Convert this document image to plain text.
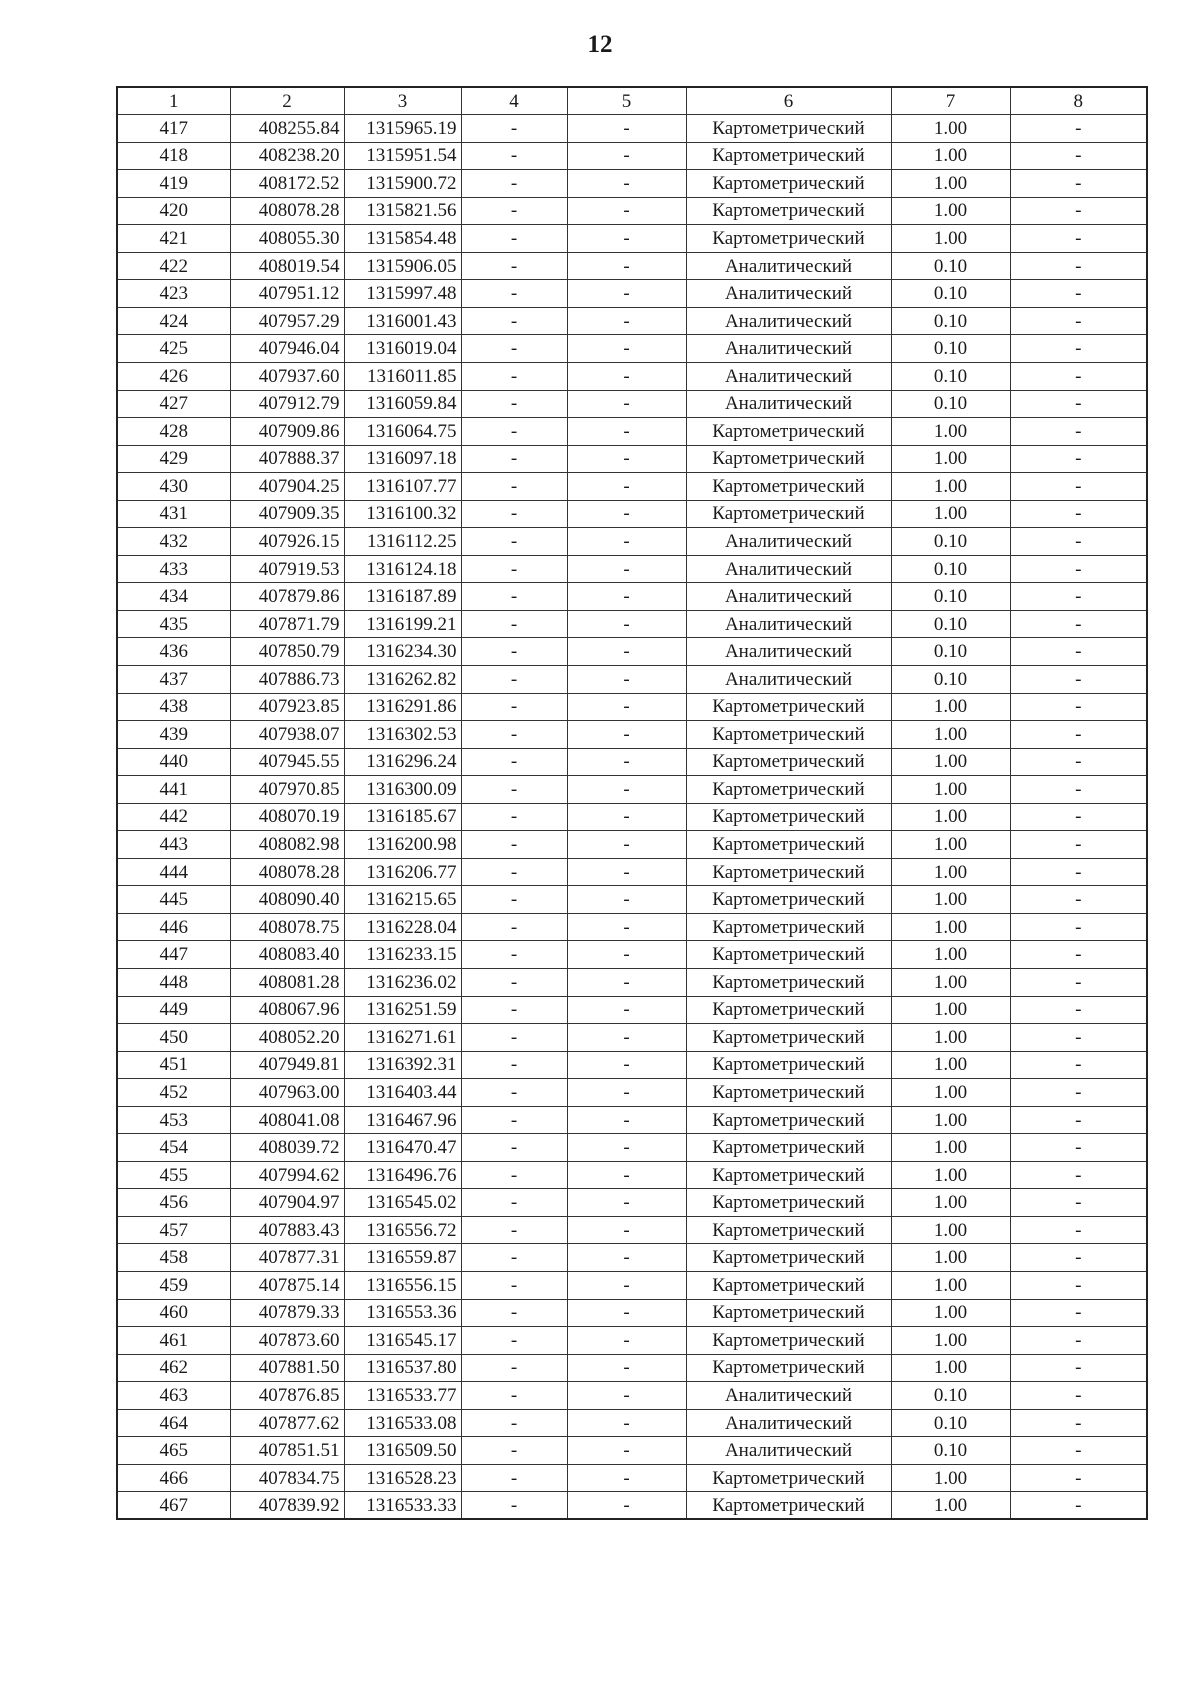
12
1	2	3	4	5	6	7	8
417	408255.84	1315965.19	-	-	Картометрический	1.00	-
418	408238.20	1315951.54	-	-	Картометрический	1.00	-
419	408172.52	1315900.72	-	-	Картометрический	1.00	-
420	408078.28	1315821.56	-	-	Картометрический	1.00	-
421	408055.30	1315854.48	-	-	Картометрический	1.00	-
422	408019.54	1315906.05	-	-	Аналитический	0.10	-
423	407951.12	1315997.48	-	-	Аналитический	0.10	-
424	407957.29	1316001.43	-	-	Аналитический	0.10	-
425	407946.04	1316019.04	-	-	Аналитический	0.10	-
426	407937.60	1316011.85	-	-	Аналитический	0.10	-
427	407912.79	1316059.84	-	-	Аналитический	0.10	-
428	407909.86	1316064.75	-	-	Картометрический	1.00	-
429	407888.37	1316097.18	-	-	Картометрический	1.00	-
430	407904.25	1316107.77	-	-	Картометрический	1.00	-
431	407909.35	1316100.32	-	-	Картометрический	1.00	-
432	407926.15	1316112.25	-	-	Аналитический	0.10	-
433	407919.53	1316124.18	-	-	Аналитический	0.10	-
434	407879.86	1316187.89	-	-	Аналитический	0.10	-
435	407871.79	1316199.21	-	-	Аналитический	0.10	-
436	407850.79	1316234.30	-	-	Аналитический	0.10	-
437	407886.73	1316262.82	-	-	Аналитический	0.10	-
438	407923.85	1316291.86	-	-	Картометрический	1.00	-
439	407938.07	1316302.53	-	-	Картометрический	1.00	-
440	407945.55	1316296.24	-	-	Картометрический	1.00	-
441	407970.85	1316300.09	-	-	Картометрический	1.00	-
442	408070.19	1316185.67	-	-	Картометрический	1.00	-
443	408082.98	1316200.98	-	-	Картометрический	1.00	-
444	408078.28	1316206.77	-	-	Картометрический	1.00	-
445	408090.40	1316215.65	-	-	Картометрический	1.00	-
446	408078.75	1316228.04	-	-	Картометрический	1.00	-
447	408083.40	1316233.15	-	-	Картометрический	1.00	-
448	408081.28	1316236.02	-	-	Картометрический	1.00	-
449	408067.96	1316251.59	-	-	Картометрический	1.00	-
450	408052.20	1316271.61	-	-	Картометрический	1.00	-
451	407949.81	1316392.31	-	-	Картометрический	1.00	-
452	407963.00	1316403.44	-	-	Картометрический	1.00	-
453	408041.08	1316467.96	-	-	Картометрический	1.00	-
454	408039.72	1316470.47	-	-	Картометрический	1.00	-
455	407994.62	1316496.76	-	-	Картометрический	1.00	-
456	407904.97	1316545.02	-	-	Картометрический	1.00	-
457	407883.43	1316556.72	-	-	Картометрический	1.00	-
458	407877.31	1316559.87	-	-	Картометрический	1.00	-
459	407875.14	1316556.15	-	-	Картометрический	1.00	-
460	407879.33	1316553.36	-	-	Картометрический	1.00	-
461	407873.60	1316545.17	-	-	Картометрический	1.00	-
462	407881.50	1316537.80	-	-	Картометрический	1.00	-
463	407876.85	1316533.77	-	-	Аналитический	0.10	-
464	407877.62	1316533.08	-	-	Аналитический	0.10	-
465	407851.51	1316509.50	-	-	Аналитический	0.10	-
466	407834.75	1316528.23	-	-	Картометрический	1.00	-
467	407839.92	1316533.33	-	-	Картометрический	1.00	-
